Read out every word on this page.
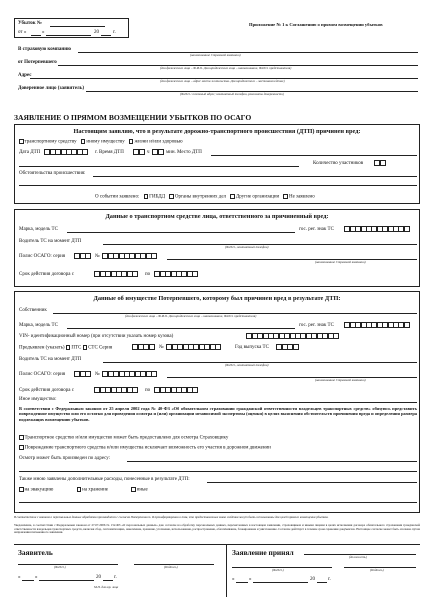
Убыток №
от «	»	20	г.
Приложение № 1 к Соглашению о прямом возмещении убытков
В страховую компанию
(наименование Страховой компании)
от Потерпевшего
(для физического лица – Ф.И.О. Для юридического лица – наименование, Ф.И.О. представителя)
Адрес
(для физического лица – адрес места жительства. Для юридического – местонахождение)
Доверенное лицо (заявитель)
(Ф.И.О.: почтовый адрес; контактный телефон, реквизиты доверенности)
ЗАЯВЛЕНИЕ О ПРЯМОМ ВОЗМЕЩЕНИИ УБЫТКОВ ПО ОСАГО
Настоящим заявляю, что в результате дорожно-транспортного происшествия (ДТП) причинен вред:
транспортному средству иному имуществу жизни и/или здоровью
Дата ДТП	г. Время ДТП	ч	мин. Место ДТП
Количество участников
Обстоятельства происшествия:
О событии заявлено: ГИБДД Органы внутренних дел Другие организации Не заявлено
Данные о транспортном средстве лица, ответственного за причиненный вред:
Марка, модель ТС	гос. рег. знак ТС
Водитель ТС на момент ДТП
(Ф.И.О., контактный телефон)
Полис ОСАГО: серия	№
(наименование Страховой компании)
Срок действия договора с	по
Данные об имуществе Потерпевшего, которому был причинен вред в результате ДТП:
Собственник
(для физического лица – Ф.И.О. Для юридического лица – наименование, Ф.И.О. представителя)
Марка, модель ТС	гос. рег. знак ТС
VIN- идентификационный номер (при отсутствии указать номер кузова)
Предъявлен (указать) ПТС СТС Серия	№	Год выпуска ТС
Водитель ТС на момент ДТП
(Ф.И.О., контактный телефон)
Полис ОСАГО: серия	№
(наименование Страховой компании)
Срок действия договора с	по
Иное имущество:
В соответствии с Федеральным законом от 25 апреля 2002 года № 40-ФЗ «Об обязательном страховании гражданской ответственности владельцев транспортных средств» обязуюсь представить поврежденное имущество или его остатки для проведения осмотра и (или) организации независимой экспертизы (оценки) в целях выяснения обстоятельств причинения вреда и определения размера подлежащих возмещению убытков.
Транспортное средство и/или имущество может быть предоставлено для осмотра Страховщику
Повреждение транспортного средства и/или имущества исключает возможность его участия в дорожном движении
Осмотр может быть произведен по адресу:
Также мною заявлены дополнительные расходы, понесенные в результате ДТП:
на эвакуацию	на хранение	иные
В соответствии с законом о персональных данных обработка производится с согласия Потерпевшего. Я проинформирован о том, что предоставленные мною сведения могут быть использованы для целей прямого возмещения убытков.
Уведомление, в соответствии с Федеральным законом от 27.07.2006 № 152-ФЗ «О персональных данных» даю согласие на обработку персональных данных, перечисленных в настоящем заявлении, страховщиком и иными лицами в целях исполнения договора обязательного страхования гражданской ответственности владельцев транспортных средств, включая сбор, систематизацию, накопление, хранение, уточнение, использование, распространение, обезличивание, блокирование и уничтожение. Согласие действует в течение срока хранения документов. Настоящее согласие может быть отозвано путем направления письменного заявления.
Заявитель
(Ф.И.О.)	(Подпись)
«	»	20	г.
М.П. для юр. лица
Заявление принял	(должность)
(Ф.И.О.)	(Подпись)
«	»	20	г.
